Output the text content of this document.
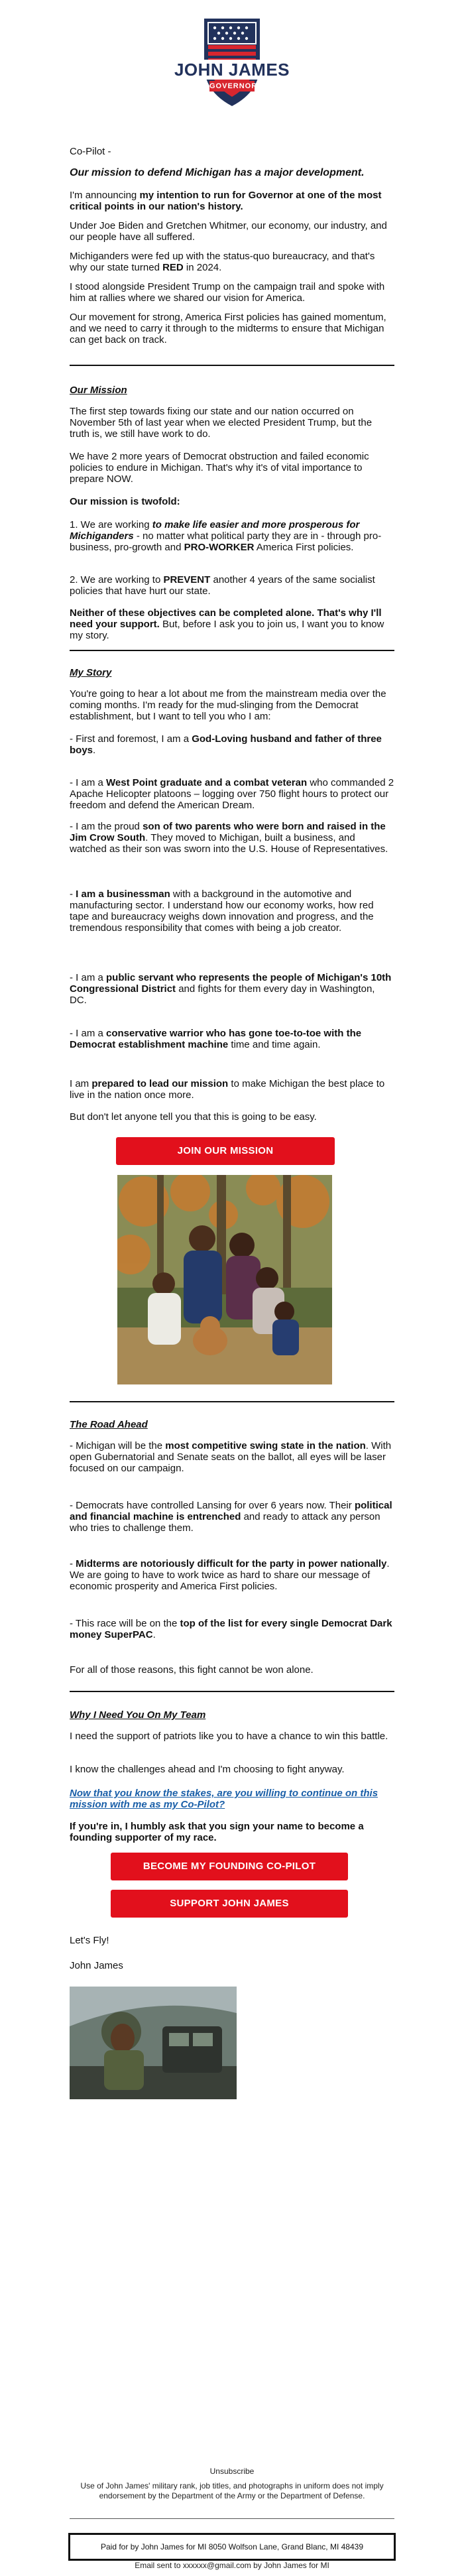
JOHN JAMES
GOVERNOR

Co-Pilot -

Our mission to defend Michigan has a major development.

I'm announcing my intention to run for Governor at one of the most critical points in our nation's history.

Under Joe Biden and Gretchen Whitmer, our economy, our industry, and our people have all suffered.

Michiganders were fed up with the status-quo bureaucracy, and that's why our state turned RED in 2024.

I stood alongside President Trump on the campaign trail and spoke with him at rallies where we shared our vision for America.

Our movement for strong, America First policies has gained momentum, and we need to carry it through to the midterms to ensure that Michigan can get back on track.

Our Mission

The first step towards fixing our state and our nation occurred on November 5th of last year when we elected President Trump, but the truth is, we still have work to do.

We have 2 more years of Democrat obstruction and failed economic policies to endure in Michigan. That's why it's of vital importance to prepare NOW.

Our mission is twofold:

1. We are working to make life easier and more prosperous for Michiganders - no matter what political party they are in - through pro-business, pro-growth and PRO-WORKER America First policies.

2. We are working to PREVENT another 4 years of the same socialist policies that have hurt our state.

Neither of these objectives can be completed alone. That's why I'll need your support. But, before I ask you to join us, I want you to know my story.

My Story

You're going to hear a lot about me from the mainstream media over the coming months. I'm ready for the mud-slinging from the Democrat establishment, but I want to tell you who I am:

- First and foremost, I am a God-Loving husband and father of three boys.

- I am a West Point graduate and a combat veteran who commanded 2 Apache Helicopter platoons – logging over 750 flight hours to protect our freedom and defend the American Dream.

- I am the proud son of two parents who were born and raised in the Jim Crow South. They moved to Michigan, built a business, and watched as their son was sworn into the U.S. House of Representatives.

- I am a businessman with a background in the automotive and manufacturing sector. I understand how our economy works, how red tape and bureaucracy weighs down innovation and progress, and the tremendous responsibility that comes with being a job creator.

- I am a public servant who represents the people of Michigan's 10th Congressional District and fights for them every day in Washington, DC.

- I am a conservative warrior who has gone toe-to-toe with the Democrat establishment machine time and time again.

I am prepared to lead our mission to make Michigan the best place to live in the nation once more.

But don't let anyone tell you that this is going to be easy.

JOIN OUR MISSION

The Road Ahead

- Michigan will be the most competitive swing state in the nation. With open Gubernatorial and Senate seats on the ballot, all eyes will be laser focused on our campaign.

- Democrats have controlled Lansing for over 6 years now. Their political and financial machine is entrenched and ready to attack any person who tries to challenge them.

- Midterms are notoriously difficult for the party in power nationally. We are going to have to work twice as hard to share our message of economic prosperity and America First policies.

- This race will be on the top of the list for every single Democrat Dark money SuperPAC.

For all of those reasons, this fight cannot be won alone.

Why I Need You On My Team

I need the support of patriots like you to have a chance to win this battle.

I know the challenges ahead and I'm choosing to fight anyway.

Now that you know the stakes, are you willing to continue on this mission with me as my Co-Pilot?

If you're in, I humbly ask that you sign your name to become a founding supporter of my race.

BECOME MY FOUNDING CO-PILOT
SUPPORT JOHN JAMES

Let's Fly!

John James

Paid for by John James for MI 8050 Wolfson Lane, Grand Blanc, MI 48439
Email sent to xxxxxx@gmail.com by John James for MI
Unsubscribe
Use of John James' military rank, job titles, and photographs in uniform does not imply endorsement by the Department of the Army or the Department of Defense.
